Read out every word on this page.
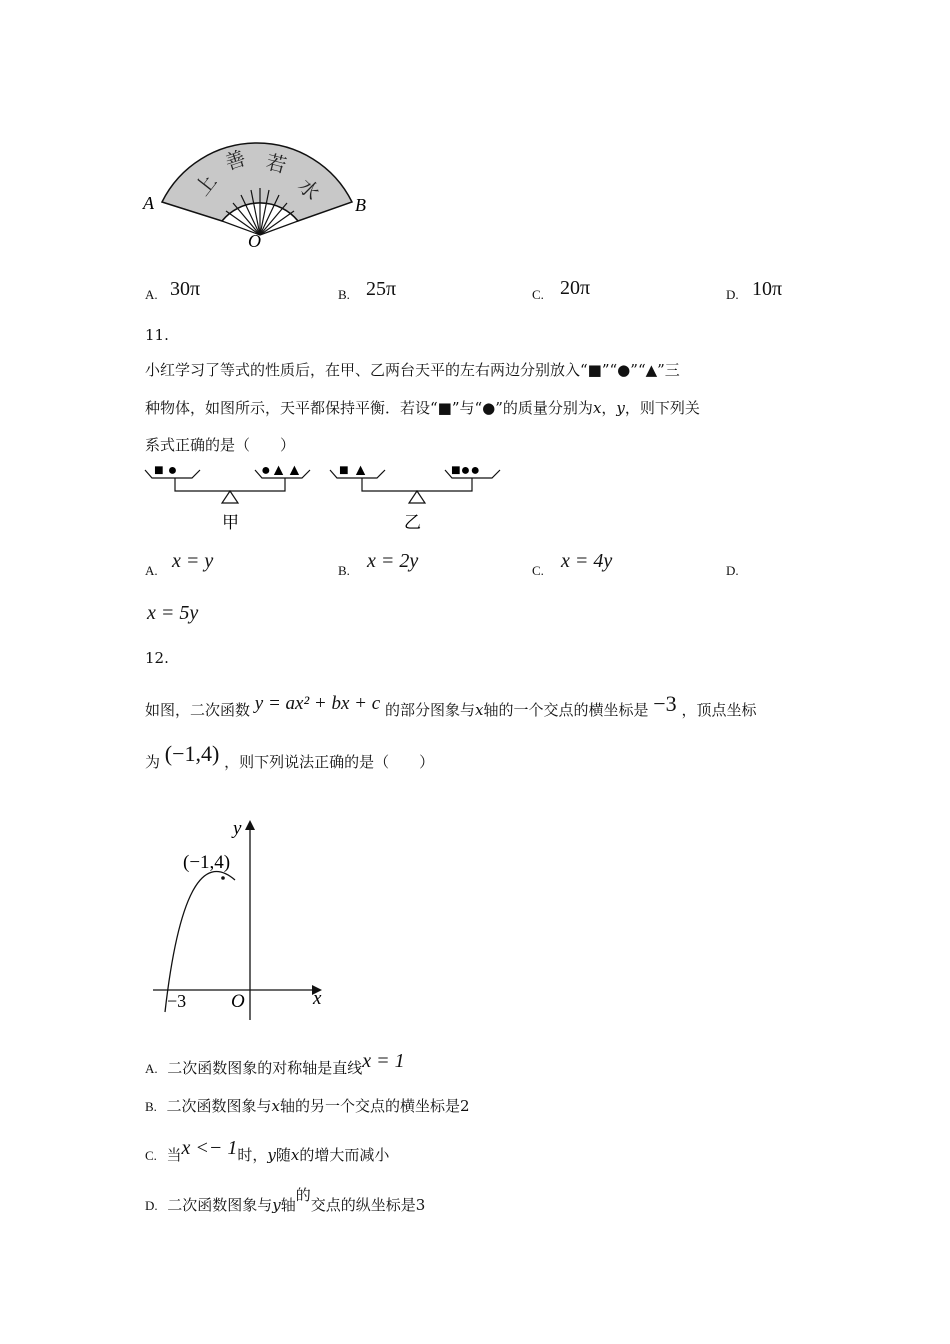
上
善 若
水
A	B
O
A. 30π	B. 25π	C. 20π	D. 10π
11.
小红学习了等式的性质后，在甲、乙两台天平的左右两边分别放入“■”“●”“▲”三
种物体，如图所示，天平都保持平衡．若设“■”与“●”的质量分别为x，y，则下列关
系式正确的是（　　）
■ ●	●▲▲
甲
■ ▲	■●●
乙
A. x = y	B. x = 2y	C. x = 4y	D.
x = 5y
12.
如图，二次函数 y = ax² + bx + c 的部分图象与x轴的一个交点的横坐标是 −3 ，顶点坐标
为 (−1,4) ，则下列说法正确的是（　　）
y
x
O
−3
(−1,4)
A. 二次函数图象的对称轴是直线x = 1
B. 二次函数图象与x轴的另一个交点的横坐标是2
C. 当x <− 1时，y随x的增大而减小
D. 二次函数图象与y轴的交点的纵坐标是3
